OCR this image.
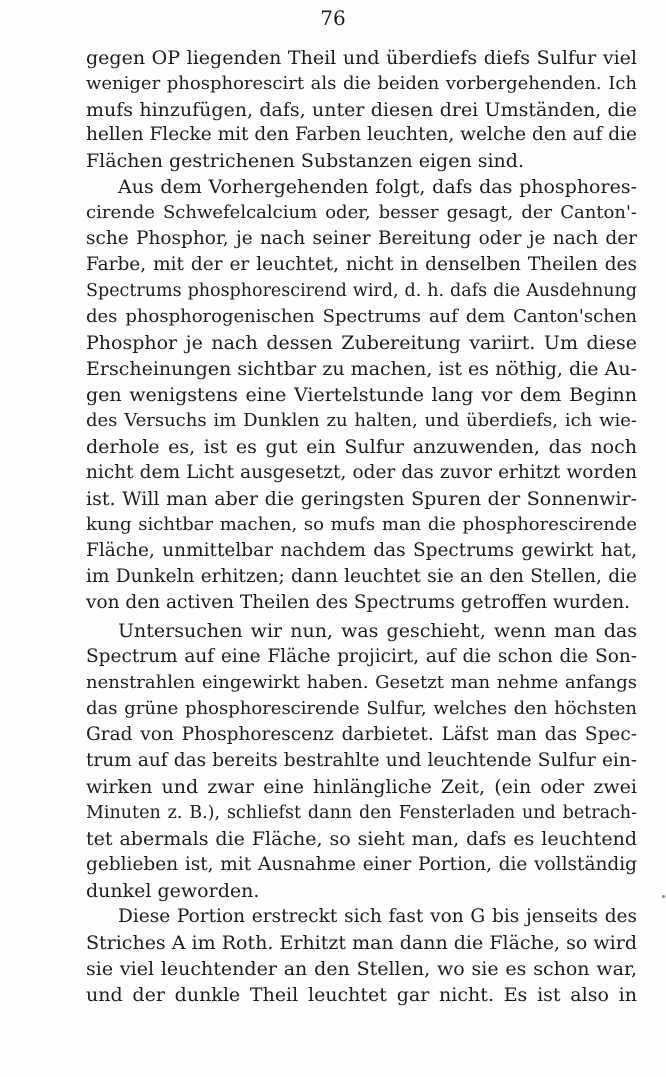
76
gegen OP liegenden Theil und überdiefs diefs Sulfur viel
weniger phosphorescirt als die beiden vorbergehenden. Ich
mufs hinzufügen, dafs, unter diesen drei Umständen, die
hellen Flecke mit den Farben leuchten, welche den auf die
Flächen gestrichenen Substanzen eigen sind.
Aus dem Vorhergehenden folgt, dafs das phosphores-
cirende Schwefelcalcium oder, besser gesagt, der Canton'-
sche Phosphor, je nach seiner Bereitung oder je nach der
Farbe, mit der er leuchtet, nicht in denselben Theilen des
Spectrums phosphorescirend wird, d. h. dafs die Ausdehnung
des phosphorogenischen Spectrums auf dem Canton'schen
Phosphor je nach dessen Zubereitung variirt. Um diese
Erscheinungen sichtbar zu machen, ist es nöthig, die Au-
gen wenigstens eine Viertelstunde lang vor dem Beginn
des Versuchs im Dunklen zu halten, und überdiefs, ich wie-
derhole es, ist es gut ein Sulfur anzuwenden, das noch
nicht dem Licht ausgesetzt, oder das zuvor erhitzt worden
ist. Will man aber die geringsten Spuren der Sonnenwir-
kung sichtbar machen, so mufs man die phosphorescirende
Fläche, unmittelbar nachdem das Spectrums gewirkt hat,
im Dunkeln erhitzen; dann leuchtet sie an den Stellen, die
von den activen Theilen des Spectrums getroffen wurden.
Untersuchen wir nun, was geschieht, wenn man das
Spectrum auf eine Fläche projicirt, auf die schon die Son-
nenstrahlen eingewirkt haben. Gesetzt man nehme anfangs
das grüne phosphorescirende Sulfur, welches den höchsten
Grad von Phosphorescenz darbietet. Läfst man das Spec-
trum auf das bereits bestrahlte und leuchtende Sulfur ein-
wirken und zwar eine hinlängliche Zeit, (ein oder zwei
Minuten z. B.), schliefst dann den Fensterladen und betrach-
tet abermals die Fläche, so sieht man, dafs es leuchtend
geblieben ist, mit Ausnahme einer Portion, die vollständig
dunkel geworden.
Diese Portion erstreckt sich fast von G bis jenseits des
Striches A im Roth. Erhitzt man dann die Fläche, so wird
sie viel leuchtender an den Stellen, wo sie es schon war,
und der dunkle Theil leuchtet gar nicht. Es ist also in
